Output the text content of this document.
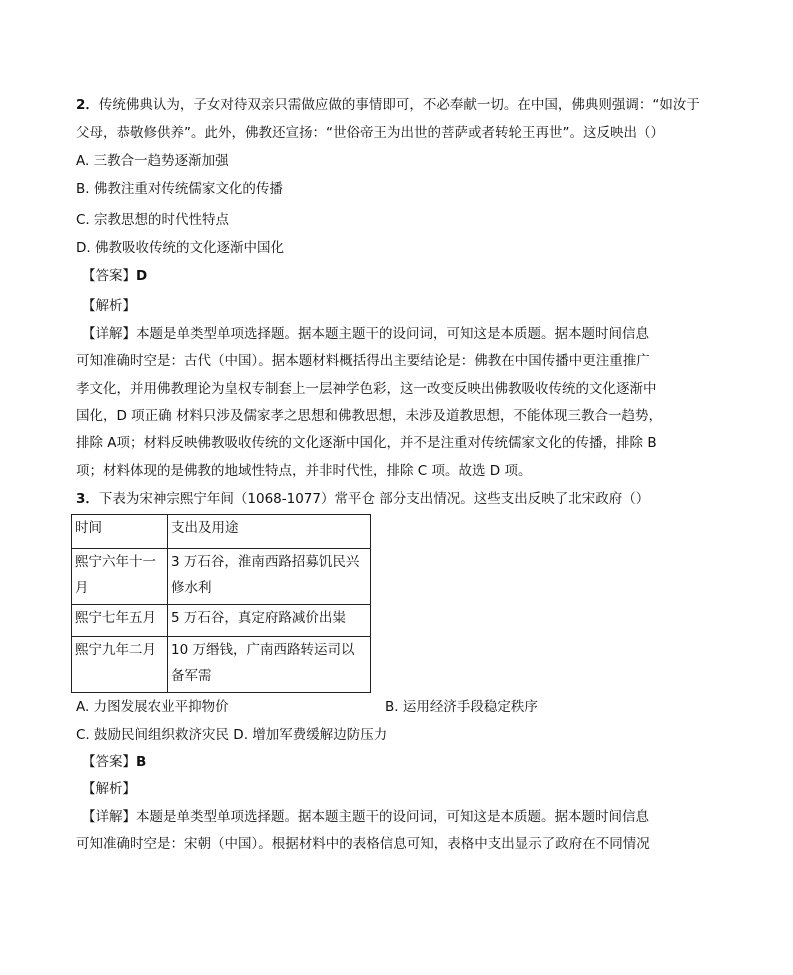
2．传统佛典认为，子女对待双亲只需做应做的事情即可，不必奉献一切。在中国，佛典则强调：“如汝于
父母，恭敬修供养”。此外，佛教还宣扬：“世俗帝王为出世的菩萨或者转轮王再世”。这反映出（）
A. 三教合一趋势逐渐加强
B. 佛教注重对传统儒家文化的传播
C. 宗教思想的时代性特点
D. 佛教吸收传统的文化逐渐中国化
【答案】D
【解析】
【详解】本题是单类型单项选择题。据本题主题干的设问词，可知这是本质题。据本题时间信息
可知准确时空是：古代（中国）。据本题材料概括得出主要结论是：佛教在中国传播中更注重推广
孝文化，并用佛教理论为皇权专制套上一层神学色彩，这一改变反映出佛教吸收传统的文化逐渐中
国化，D 项正确 材料只涉及儒家孝之思想和佛教思想，未涉及道教思想，不能体现三教合一趋势，
排除 A项；材料反映佛教吸收传统的文化逐渐中国化，并不是注重对传统儒家文化的传播，排除 B
项；材料体现的是佛教的地域性特点，并非时代性，排除 C 项。故选 D 项。
3．下表为宋神宗熙宁年间（1068-1077）常平仓 部分支出情况。这些支出反映了北宋政府（）
时间	支出及用途

熙宁六年十一月	3 万石谷，淮南西路招募饥民兴修水利

熙宁七年五月	5 万石谷，真定府路减价出粜

熙宁九年二月	10 万缗钱，广南西路转运司以备军需
A. 力图发展农业平抑物价	B. 运用经济手段稳定秩序
C. 鼓励民间组织救济灾民 D. 增加军费缓解边防压力
【答案】B
【解析】
【详解】本题是单类型单项选择题。据本题主题干的设问词，可知这是本质题。据本题时间信息
可知准确时空是：宋朝（中国）。根据材料中的表格信息可知，表格中支出显示了政府在不同情况
